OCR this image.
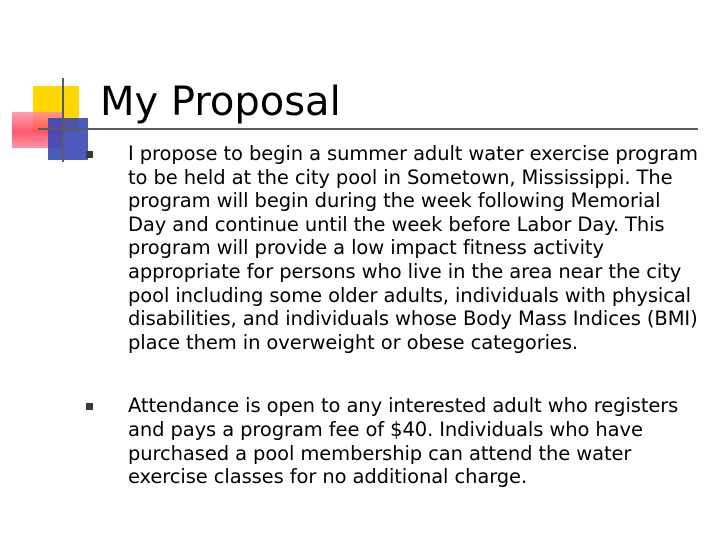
My Proposal
I propose to begin a summer adult water exercise program to be held at the city pool in Sometown, Mississippi. The program will begin during the week following Memorial Day and continue until the week before Labor Day. This program will provide a low impact fitness activity appropriate for persons who live in the area near the city pool including some older adults, individuals with physical disabilities, and individuals whose Body Mass Indices (BMI) place them in overweight or obese categories.
Attendance is open to any interested adult who registers and pays a program fee of $40. Individuals who have purchased a pool membership can attend the water exercise classes for no additional charge.
